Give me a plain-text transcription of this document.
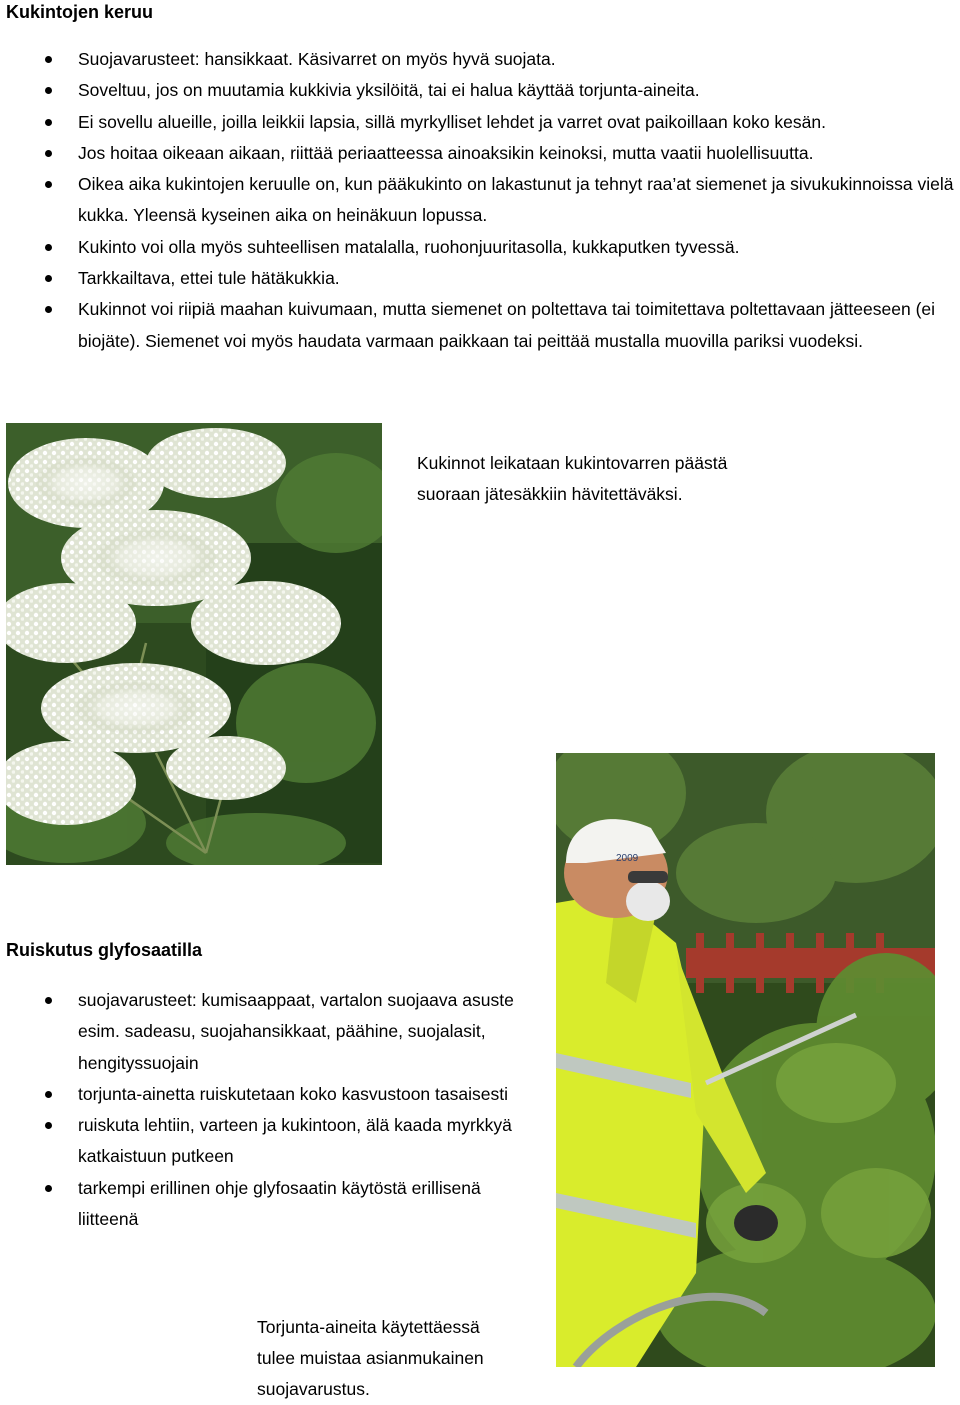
Kukintojen keruu
Suojavarusteet: hansikkaat. Käsivarret on myös hyvä suojata.
Soveltuu, jos on muutamia kukkivia yksilöitä, tai ei halua käyttää torjunta-aineita.
Ei sovellu alueille, joilla leikkii lapsia, sillä myrkylliset lehdet ja varret ovat paikoillaan koko kesän.
Jos hoitaa oikeaan aikaan, riittää periaatteessa ainoaksikin keinoksi, mutta vaatii huolellisuutta.
Oikea aika kukintojen keruulle on, kun pääkukinto on lakastunut ja tehnyt raa’at siemenet ja sivukukinnoissa vielä kukka. Yleensä kyseinen aika on heinäkuun lopussa.
Kukinto voi olla myös suhteellisen matalalla, ruohonjuuritasolla, kukkaputken tyvessä.
Tarkkailtava, ettei tule hätäkukkia.
Kukinnot voi riipiä maahan kuivumaan, mutta siemenet on poltettava tai toimitettava poltettavaan jätteeseen (ei biojäte). Siemenet voi myös haudata varmaan paikkaan tai peittää mustalla muovilla pariksi vuodeksi.
Kukinnot leikataan kukintovarren päästä
suoraan jätesäkkiin hävitettäväksi.
2009
Ruiskutus glyfosaatilla
suojavarusteet: kumisaappaat, vartalon suojaava asuste esim. sadeasu, suojahansikkaat, päähine, suojalasit, hengityssuojain
torjunta-ainetta ruiskutetaan koko kasvustoon tasaisesti
ruiskuta lehtiin, varteen ja kukintoon, älä kaada myrkkyä katkaistuun putkeen
tarkempi erillinen ohje glyfosaatin käytöstä erillisenä liitteenä
Torjunta-aineita käytettäessä
tulee muistaa asianmukainen
suojavarustus.
